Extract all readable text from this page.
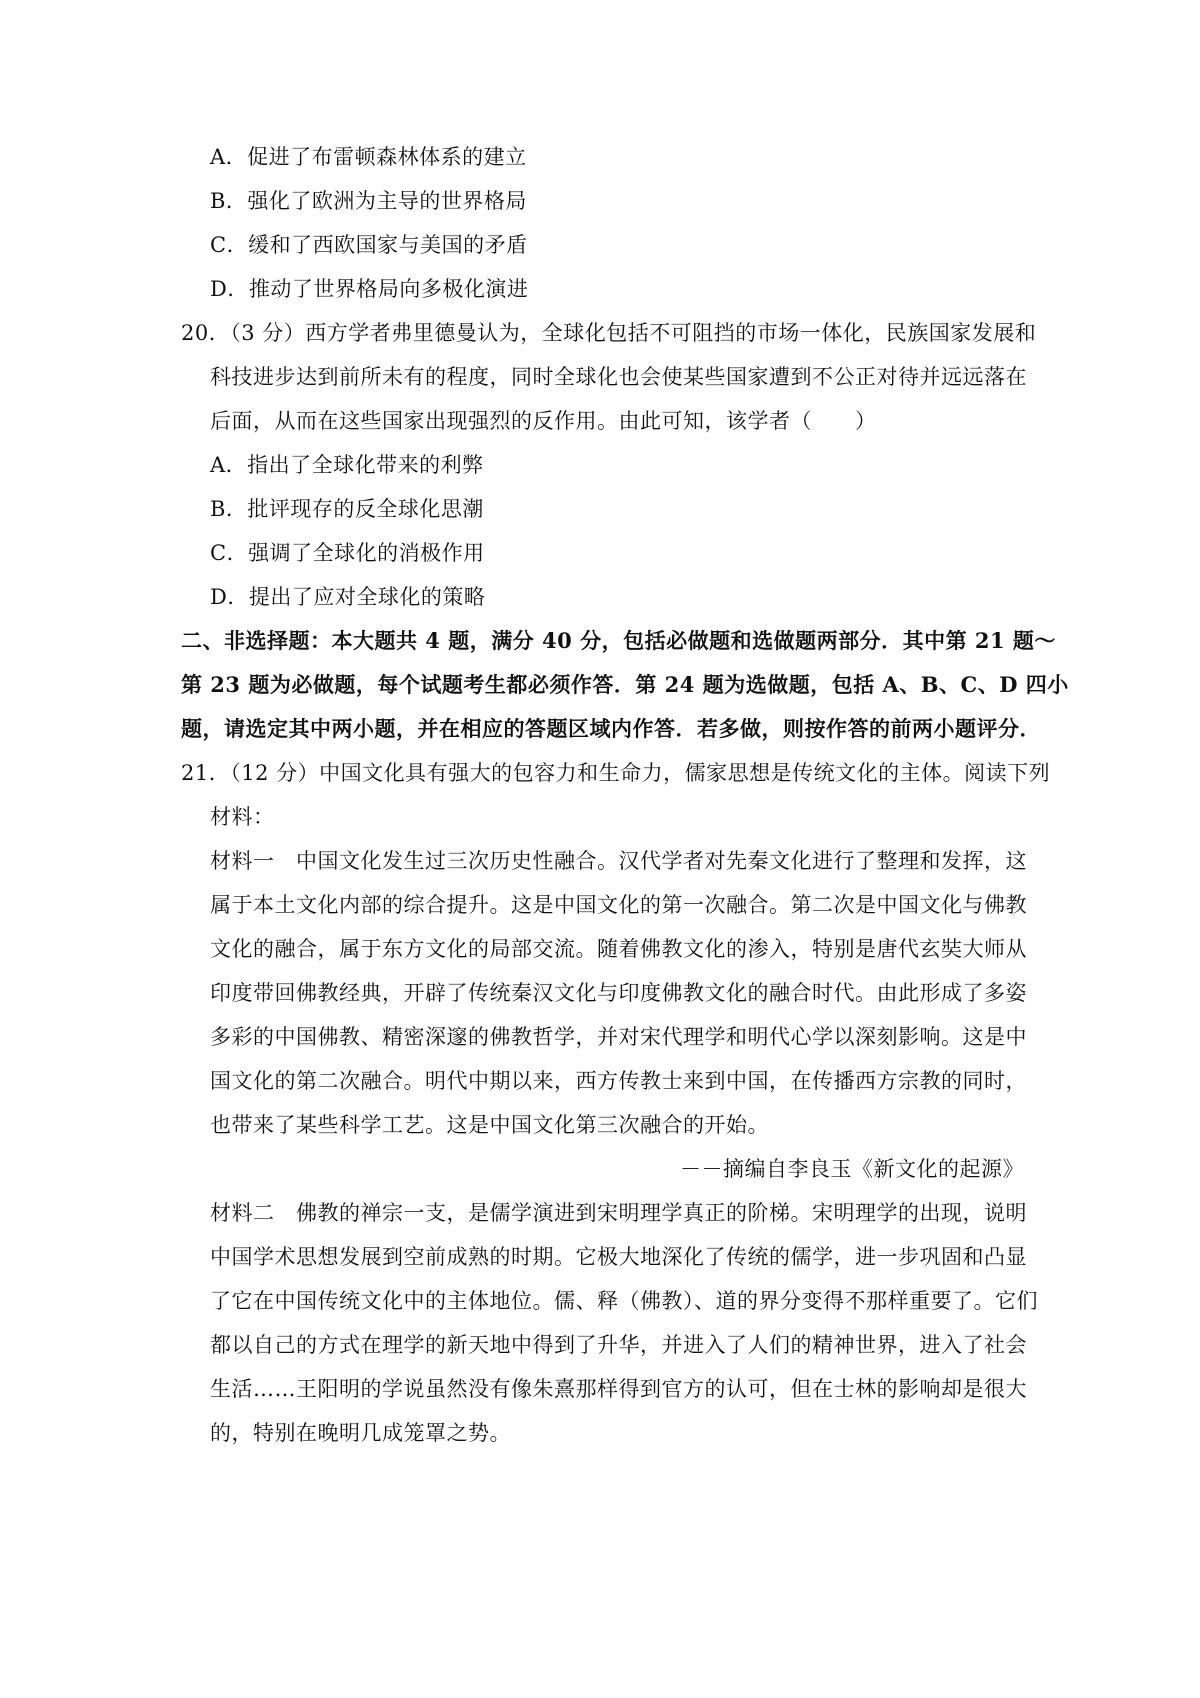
A．促进了布雷顿森林体系的建立
B．强化了欧洲为主导的世界格局
C．缓和了西欧国家与美国的矛盾
D．推动了世界格局向多极化演进
20．（3 分）西方学者弗里德曼认为，全球化包括不可阻挡的市场一体化，民族国家发展和
科技进步达到前所未有的程度，同时全球化也会使某些国家遭到不公正对待并远远落在
后面，从而在这些国家出现强烈的反作用。由此可知，该学者（　　）
A．指出了全球化带来的利弊
B．批评现存的反全球化思潮
C．强调了全球化的消极作用
D．提出了应对全球化的策略
二、非选择题：本大题共 4 题，满分 40 分，包括必做题和选做题两部分．其中第 21 题～
第 23 题为必做题，每个试题考生都必须作答．第 24 题为选做题，包括 A、B、C、D 四小
题，请选定其中两小题，并在相应的答题区域内作答．若多做，则按作答的前两小题评分．
21．（12 分）中国文化具有强大的包容力和生命力，儒家思想是传统文化的主体。阅读下列
材料：
材料一　中国文化发生过三次历史性融合。汉代学者对先秦文化进行了整理和发挥，这
属于本土文化内部的综合提升。这是中国文化的第一次融合。第二次是中国文化与佛教
文化的融合，属于东方文化的局部交流。随着佛教文化的渗入，特别是唐代玄奘大师从
印度带回佛教经典，开辟了传统秦汉文化与印度佛教文化的融合时代。由此形成了多姿
多彩的中国佛教、精密深邃的佛教哲学，并对宋代理学和明代心学以深刻影响。这是中
国文化的第二次融合。明代中期以来，西方传教士来到中国，在传播西方宗教的同时，
也带来了某些科学工艺。这是中国文化第三次融合的开始。
－－摘编自李良玉《新文化的起源》
材料二　佛教的禅宗一支，是儒学演进到宋明理学真正的阶梯。宋明理学的出现，说明
中国学术思想发展到空前成熟的时期。它极大地深化了传统的儒学，进一步巩固和凸显
了它在中国传统文化中的主体地位。儒、释（佛教）、道的界分变得不那样重要了。它们
都以自己的方式在理学的新天地中得到了升华，并进入了人们的精神世界，进入了社会
生活……王阳明的学说虽然没有像朱熹那样得到官方的认可，但在士林的影响却是很大
的，特别在晚明几成笼罩之势。
